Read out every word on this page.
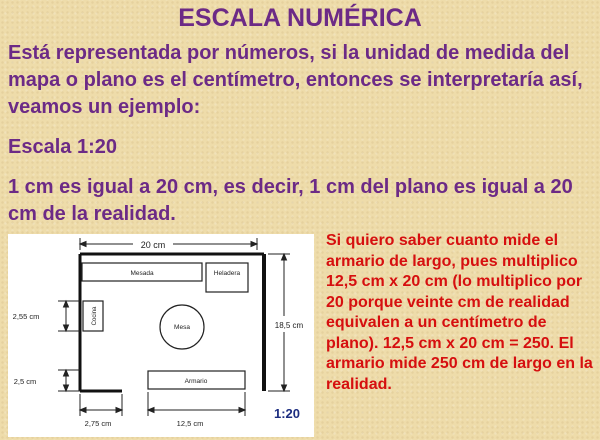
ESCALA NUMÉRICA
Está representada por números, si la unidad de medida del mapa o plano es el centímetro, entonces se interpretaría así, veamos un ejemplo:
Escala 1:20
1 cm es igual a 20 cm, es decir, 1 cm del plano es igual a 20 cm de la realidad.
20 cm
Mesada	Heladera
Cocina
Mesa
Armario
18,5 cm
2,55 cm
2,5 cm
2,75 cm	12,5 cm
1:20
Si quiero saber cuanto mide el armario de largo, pues multiplico 12,5 cm x 20 cm (lo multiplico por 20 porque veinte cm de realidad equivalen a un centímetro de plano). 12,5 cm x 20 cm = 250. El armario mide 250 cm de largo en la realidad.
